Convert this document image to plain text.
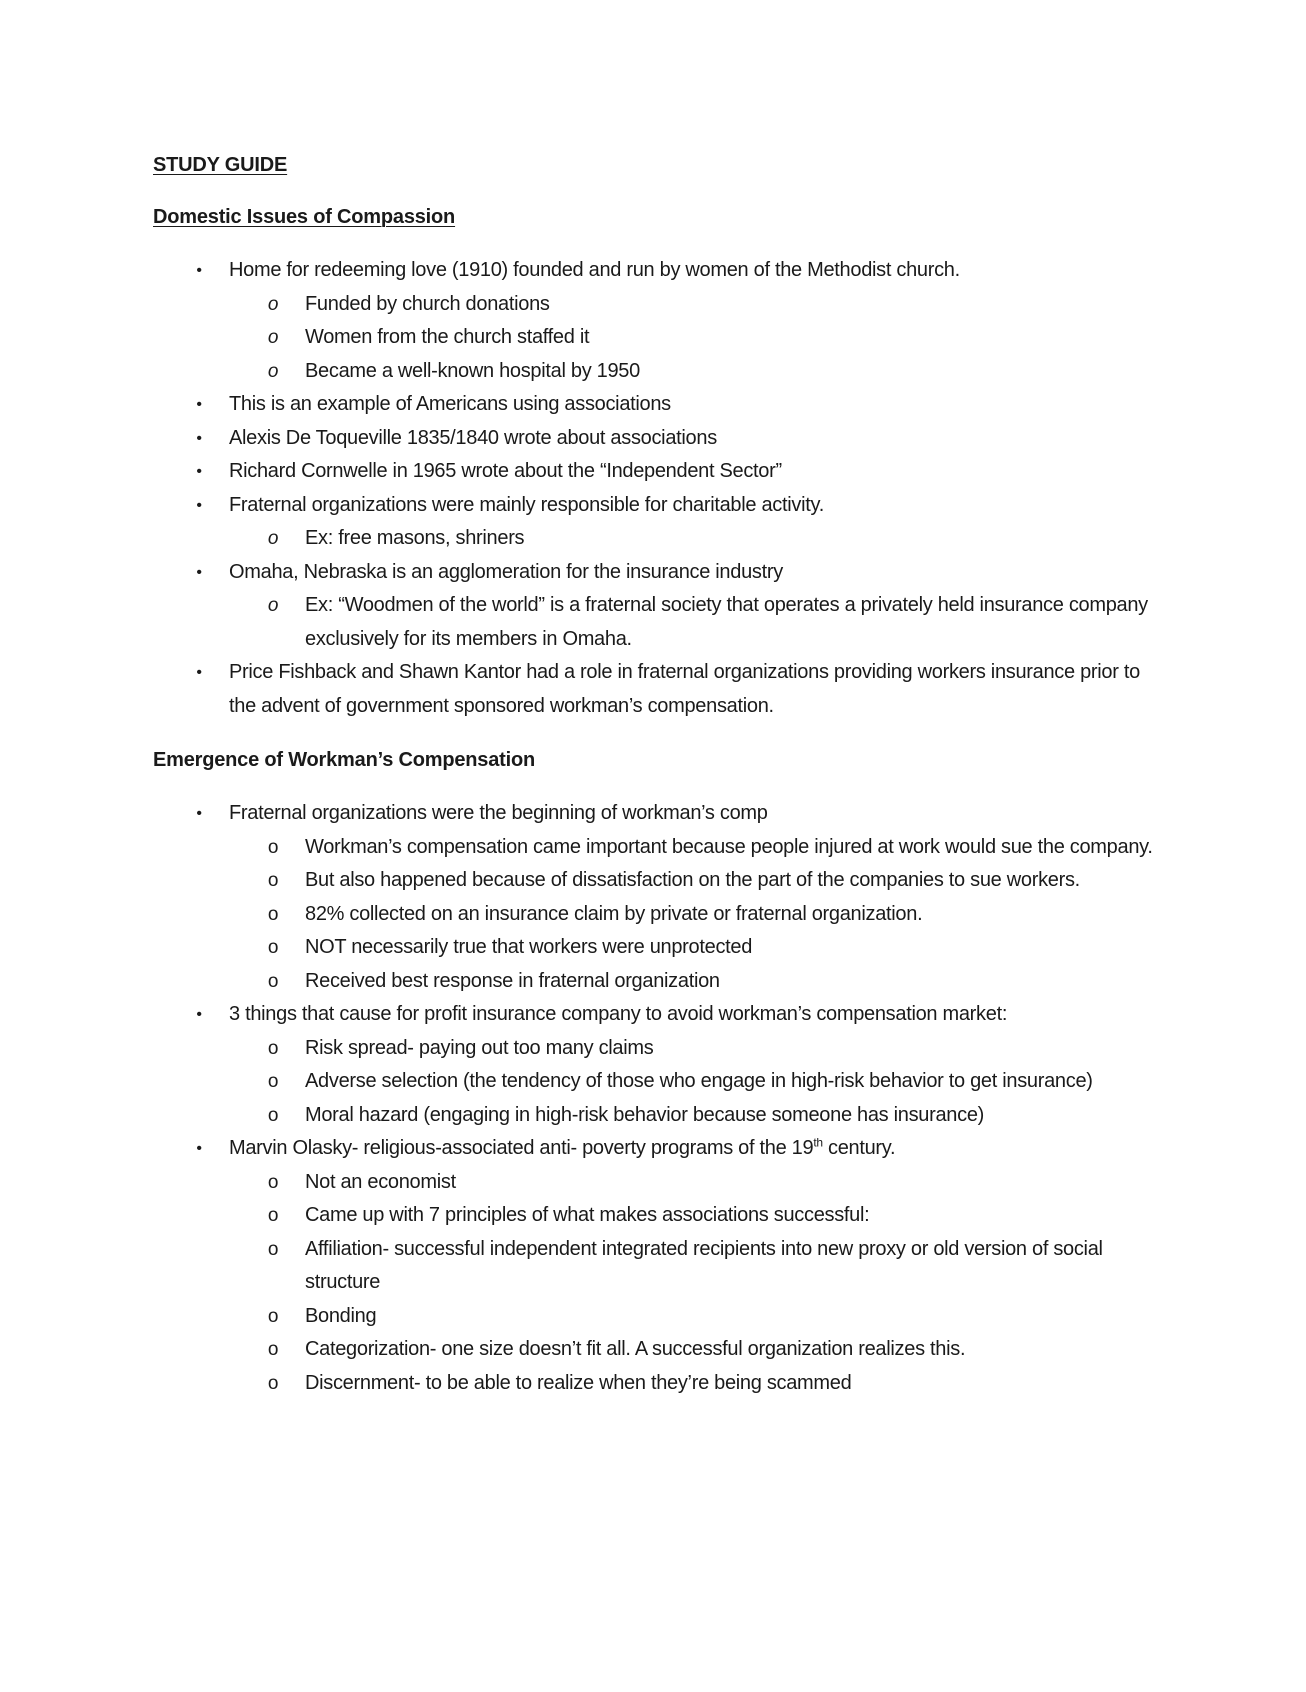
STUDY GUIDE

Domestic Issues of Compassion

• Home for redeeming love (1910) founded and run by women of the Methodist church.
o Funded by church donations
o Women from the church staffed it
o Became a well-known hospital by 1950
• This is an example of Americans using associations
• Alexis De Toqueville 1835/1840 wrote about associations
• Richard Cornwelle in 1965 wrote about the “Independent Sector”
• Fraternal organizations were mainly responsible for charitable activity.
o Ex: free masons, shriners
• Omaha, Nebraska is an agglomeration for the insurance industry
o Ex: “Woodmen of the world” is a fraternal society that operates a privately held insurance company exclusively for its members in Omaha.
• Price Fishback and Shawn Kantor had a role in fraternal organizations providing workers insurance prior to the advent of government sponsored workman’s compensation.

Emergence of Workman’s Compensation

• Fraternal organizations were the beginning of workman’s comp
o Workman’s compensation came important because people injured at work would sue the company.
o But also happened because of dissatisfaction on the part of the companies to sue workers.
o 82% collected on an insurance claim by private or fraternal organization.
o NOT necessarily true that workers were unprotected
o Received best response in fraternal organization
• 3 things that cause for profit insurance company to avoid workman’s compensation market:
o Risk spread- paying out too many claims
o Adverse selection (the tendency of those who engage in high-risk behavior to get insurance)
o Moral hazard (engaging in high-risk behavior because someone has insurance)
• Marvin Olasky- religious-associated anti- poverty programs of the 19th century.
o Not an economist
o Came up with 7 principles of what makes associations successful:
o Affiliation- successful independent integrated recipients into new proxy or old version of social structure
o Bonding
o Categorization- one size doesn’t fit all. A successful organization realizes this.
o Discernment- to be able to realize when they’re being scammed
